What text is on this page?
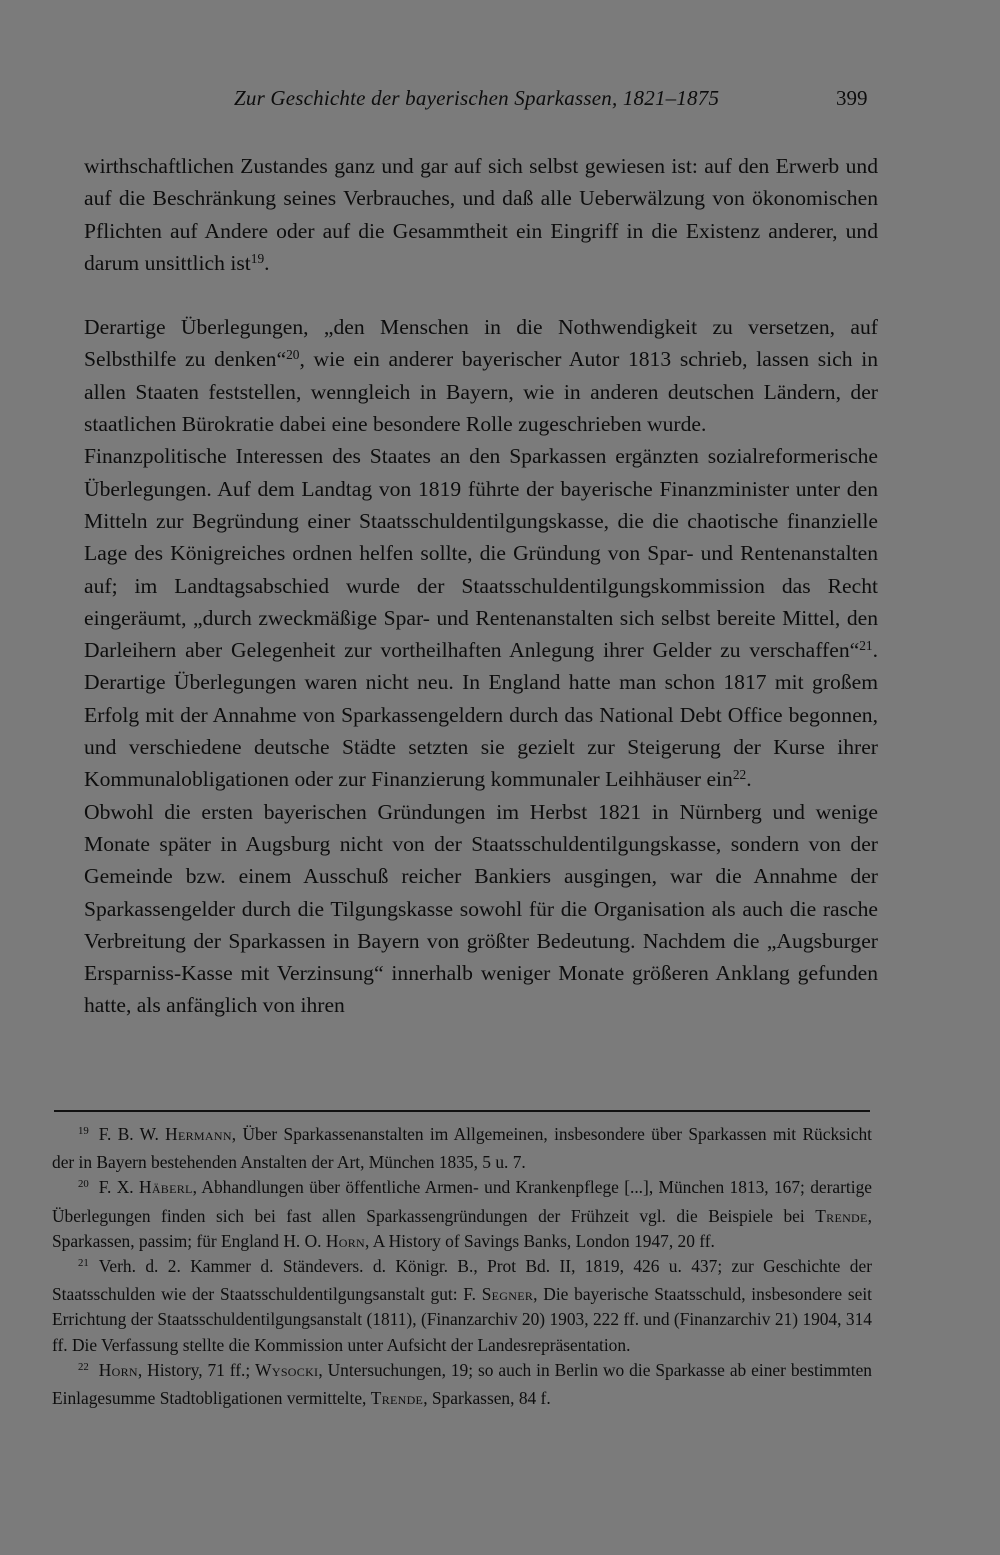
Zur Geschichte der bayerischen Sparkassen, 1821–1875	399

wirthschaftlichen Zustandes ganz und gar auf sich selbst gewiesen ist: auf den Erwerb und auf die Beschränkung seines Verbrauches, und daß alle Ueberwälzung von ökonomischen Pflichten auf Andere oder auf die Gesammtheit ein Eingriff in die Existenz anderer, und darum unsittlich ist$^{19}$.

Derartige Überlegungen, „den Menschen in die Nothwendigkeit zu versetzen, auf Selbsthilfe zu denken“$^{20}$, wie ein anderer bayerischer Autor 1813 schrieb, lassen sich in allen Staaten feststellen, wenngleich in Bayern, wie in anderen deutschen Ländern, der staatlichen Bürokratie dabei eine besondere Rolle zugeschrieben wurde.

Finanzpolitische Interessen des Staates an den Sparkassen ergänzten sozialreformerische Überlegungen. Auf dem Landtag von 1819 führte der bayerische Finanzminister unter den Mitteln zur Begründung einer Staatsschuldentilgungskasse, die die chaotische finanzielle Lage des Königreiches ordnen helfen sollte, die Gründung von Spar- und Rentenanstalten auf; im Landtagsabschied wurde der Staatsschuldentilgungskommission das Recht eingeräumt, „durch zweckmäßige Spar- und Rentenanstalten sich selbst bereite Mittel, den Darleihern aber Gelegenheit zur vortheilhaften Anlegung ihrer Gelder zu verschaffen“$^{21}$. Derartige Überlegungen waren nicht neu. In England hatte man schon 1817 mit großem Erfolg mit der Annahme von Sparkassengeldern durch das National Debt Office begonnen, und verschiedene deutsche Städte setzten sie gezielt zur Steigerung der Kurse ihrer Kommunalobligationen oder zur Finanzierung kommunaler Leihhäuser ein$^{22}$.

Obwohl die ersten bayerischen Gründungen im Herbst 1821 in Nürnberg und wenige Monate später in Augsburg nicht von der Staatsschuldentilgungskasse, sondern von der Gemeinde bzw. einem Ausschuß reicher Bankiers ausgingen, war die Annahme der Sparkassengelder durch die Tilgungskasse sowohl für die Organisation als auch die rasche Verbreitung der Sparkassen in Bayern von größter Bedeutung. Nachdem die „Augsburger Ersparniss-Kasse mit Verzinsung“ innerhalb weniger Monate größeren Anklang gefunden hatte, als anfänglich von ihren

$^{19}$ F. B. W. Hermann, Über Sparkassenanstalten im Allgemeinen, insbesondere über Sparkassen mit Rücksicht der in Bayern bestehenden Anstalten der Art, München 1835, 5 u. 7.

$^{20}$ F. X. Häberl, Abhandlungen über öffentliche Armen- und Krankenpflege [...], München 1813, 167; derartige Überlegungen finden sich bei fast allen Sparkassengründungen der Frühzeit vgl. die Beispiele bei Trende, Sparkassen, passim; für England H. O. Horn, A History of Savings Banks, London 1947, 20 ff.

$^{21}$ Verh. d. 2. Kammer d. Ständevers. d. Königr. B., Prot Bd. II, 1819, 426 u. 437; zur Geschichte der Staatsschulden wie der Staatsschuldentilgungsanstalt gut: F. Segner, Die bayerische Staatsschuld, insbesondere seit Errichtung der Staatsschuldentilgungsanstalt (1811), (Finanzarchiv 20) 1903, 222 ff. und (Finanzarchiv 21) 1904, 314 ff. Die Verfassung stellte die Kommission unter Aufsicht der Landesrepräsentation.

$^{22}$ Horn, History, 71 ff.; Wysocki, Untersuchungen, 19; so auch in Berlin wo die Sparkasse ab einer bestimmten Einlagesumme Stadtobligationen vermittelte, Trende, Sparkassen, 84 f.
